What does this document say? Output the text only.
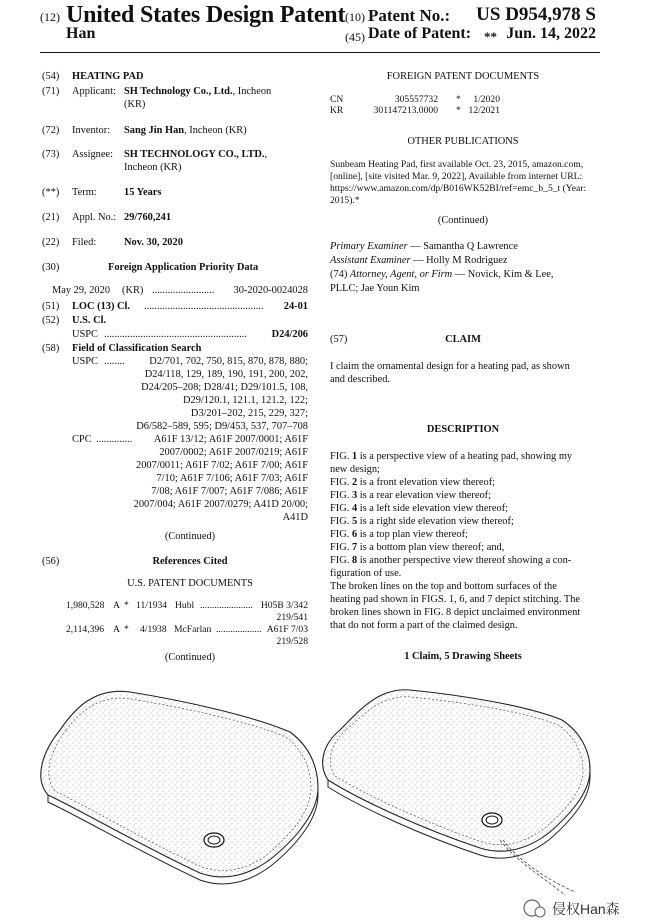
(12) United States Design Patent
Han
(10) Patent No.:	US D954,978 S
(45) Date of Patent: ** Jun. 14, 2022
(54) HEATING PAD
(71) Applicant: SH Technology Co., Ltd., Incheon
(KR)
(72) Inventor: Sang Jin Han, Incheon (KR)
(73) Assignee: SH TECHNOLOGY CO., LTD.,
Incheon (KR)
(**) Term:	15 Years
(21) Appl. No.: 29/760,241
(22) Filed:	Nov. 30, 2020
(30)	Foreign Application Priority Data
May 29, 2020 (KR) ........................	30-2020-0024028
(51) LOC (13) Cl. ..............................................	24-01
(52) U.S. Cl.
USPC .......................................................	D24/206
(58) Field of Classification Search
USPC ........	D2/701, 702, 750, 815, 870, 878, 880;
D24/118, 129, 189, 190, 191, 200, 202,
D24/205–208; D28/41; D29/101.5, 108,
D29/120.1, 121.1, 121.2, 122;
D3/201–202, 215, 229, 327;
D6/582–589, 595; D9/453, 537, 707–708
CPC ..............	A61F 13/12; A61F 2007/0001; A61F
2007/0002; A61F 2007/0219; A61F
2007/0011; A61F 7/02; A61F 7/00; A61F
7/10; A61F 7/106; A61F 7/03; A61F
7/08; A61F 7/007; A61F 7/086; A61F
2007/004; A61F 2007/0279; A41D 20/00;
A41D
(Continued)
(56)	References Cited
U.S. PATENT DOCUMENTS
1,980,528 A * 11/1934 Hubl ...................... H05B 3/342
219/541
2,114,396 A * 4/1938 McFarlan ................... A61F 7/03
219/528
(Continued)
FOREIGN PATENT DOCUMENTS
CN	305557732 *	1/2020
KR	301147213.0000 * 12/2021
OTHER PUBLICATIONS
Sunbeam Heating Pad, first available Oct. 23, 2015, amazon.com,
[online], [site visited Mar. 9, 2022], Available from internet URL:
https://www.amazon.com/dp/B016WK52BI/ref=emc_b_5_t (Year:
2015).*
(Continued)
Primary Examiner — Samantha Q Lawrence
Assistant Examiner — Holly M Rodriguez
(74) Attorney, Agent, or Firm — Novick, Kim & Lee,
PLLC; Jae Youn Kim
(57)	CLAIM
I claim the ornamental design for a heating pad, as shown
and described.
DESCRIPTION
FIG. 1 is a perspective view of a heating pad, showing my
new design;
FIG. 2 is a front elevation view thereof;
FIG. 3 is a rear elevation view thereof;
FIG. 4 is a left side elevation view thereof;
FIG. 5 is a right side elevation view thereof;
FIG. 6 is a top plan view thereof;
FIG. 7 is a bottom plan view thereof; and,
FIG. 8 is another perspective view thereof showing a con-
figuration of use.
The broken lines on the top and bottom surfaces of the
heating pad shown in FIGS. 1, 6, and 7 depict stitching. The
broken lines shown in FIG. 8 depict unclaimed environment
that do not form a part of the claimed design.
1 Claim, 5 Drawing Sheets
侵权Han森
